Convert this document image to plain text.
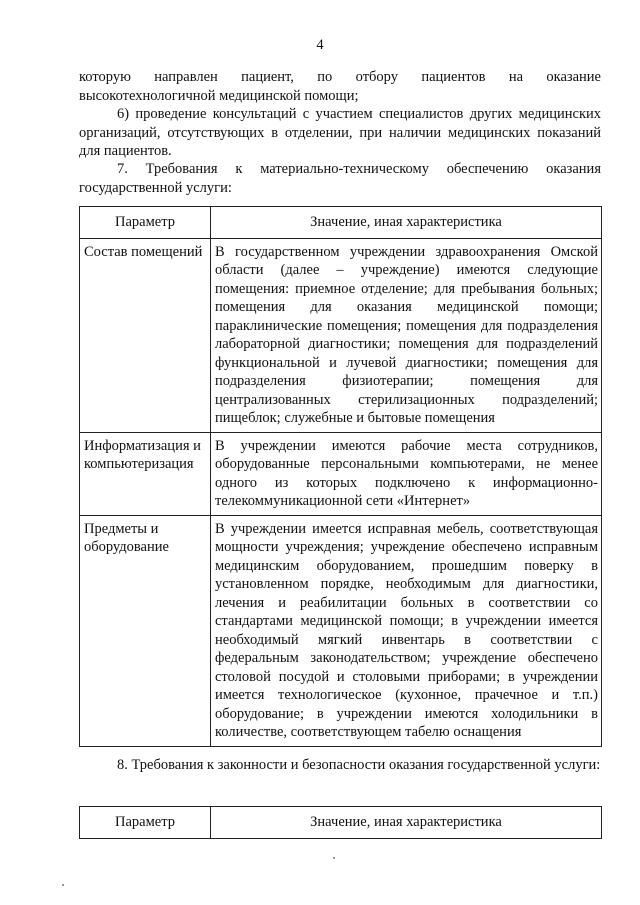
4

которую направлен пациент, по отбору пациентов на оказание

высокотехнологичной медицинской помощи;

6) проведение консультаций с участием специалистов других медицинских организаций, отсутствующих в отделении, при наличии медицинских показаний для пациентов.

7. Требования к материально-техническому обеспечению оказания государственной услуги:

Параметр	Значение, иная характеристика
Состав помещений	В государственном учреждении здравоохранения Омской области (далее – учреждение) имеются следующие помещения: приемное отделение; для пребывания больных; помещения для оказания медицинской помощи; параклинические помещения; помещения для подразделения лабораторной диагностики; помещения для подразделений функциональной и лучевой диагностики; помещения для подразделения физиотерапии; помещения для централизованных стерилизационных подразделений; пищеблок; служебные и бытовые помещения
Информатизация и компьютеризация	В учреждении имеются рабочие места сотрудников, оборудованные персональными компьютерами, не менее одного из которых подключено к информационно-телекоммуникационной сети «Интернет»
Предметы и оборудование	В учреждении имеется исправная мебель, соответствующая мощности учреждения; учреждение обеспечено исправным медицинским оборудованием, прошедшим поверку в установленном порядке, необходимым для диагностики, лечения и реабилитации больных в соответствии со стандартами медицинской помощи; в учреждении имеется необходимый мягкий инвентарь в соответствии с федеральным законодательством; учреждение обеспечено столовой посудой и столовыми приборами; в учреждении имеется технологическое (кухонное, прачечное и т.п.) оборудование; в учреждении имеются холодильники в количестве, соответствующем табелю оснащения

8. Требования к законности и безопасности оказания государственной услуги:

Параметр	Значение, иная характеристика
